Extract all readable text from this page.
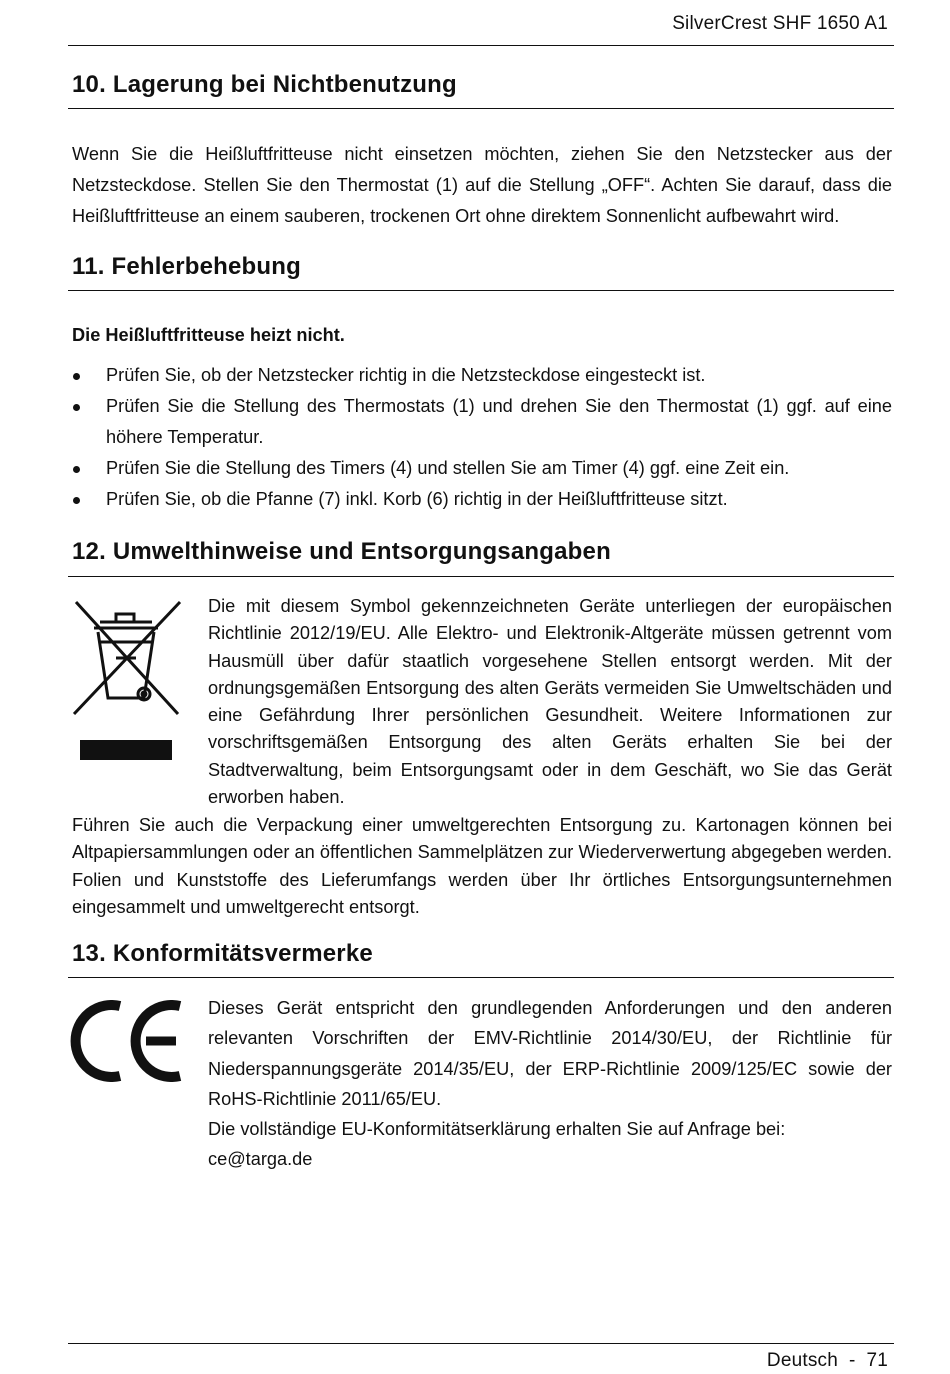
SilverCrest SHF 1650 A1
10. Lagerung bei Nichtbenutzung
Wenn Sie die Heißluftfritteuse nicht einsetzen möchten, ziehen Sie den Netzstecker aus der Netzsteckdose. Stellen Sie den Thermostat (1) auf die Stellung „OFF“. Achten Sie darauf, dass die Heißluftfritteuse an einem sauberen, trockenen Ort ohne direktem Sonnenlicht aufbewahrt wird.
11. Fehlerbehebung
Die Heißluftfritteuse heizt nicht.
Prüfen Sie, ob der Netzstecker richtig in die Netzsteckdose eingesteckt ist.
Prüfen Sie die Stellung des Thermostats (1) und drehen Sie den Thermostat (1) ggf. auf eine höhere Temperatur.
Prüfen Sie die Stellung des Timers (4) und stellen Sie am Timer (4) ggf. eine Zeit ein.
Prüfen Sie, ob die Pfanne (7) inkl. Korb (6) richtig in der Heißluftfritteuse sitzt.
12. Umwelthinweise und Entsorgungsangaben
Die mit diesem Symbol gekennzeichneten Geräte unterliegen der europäischen Richtlinie 2012/19/EU. Alle Elektro- und Elektronik-Altgeräte müssen getrennt vom Hausmüll über dafür staatlich vorgesehene Stellen entsorgt werden. Mit der ordnungsgemäßen Entsorgung des alten Geräts vermeiden Sie Umweltschäden und eine Gefährdung Ihrer persönlichen Gesundheit. Weitere Informationen zur vorschriftsgemäßen Entsorgung des alten Geräts erhalten Sie bei der Stadtverwaltung, beim Entsorgungsamt oder in dem Geschäft, wo Sie das Gerät erworben haben.
Führen Sie auch die Verpackung einer umweltgerechten Entsorgung zu. Kartonagen können bei Altpapiersammlungen oder an öffentlichen Sammelplätzen zur Wiederverwertung abgegeben werden. Folien und Kunststoffe des Lieferumfangs werden über Ihr örtliches Entsorgungsunternehmen eingesammelt und umweltgerecht entsorgt.
13. Konformitätsvermerke
Dieses Gerät entspricht den grundlegenden Anforderungen und den anderen relevanten Vorschriften der EMV-Richtlinie 2014/30/EU, der Richtlinie für Niederspannungsgeräte 2014/35/EU, der ERP-Richtlinie 2009/125/EC sowie der RoHS-Richtlinie 2011/65/EU.
Die vollständige EU-Konformitätserklärung erhalten Sie auf Anfrage bei:
ce@targa.de
Deutsch  -  71
